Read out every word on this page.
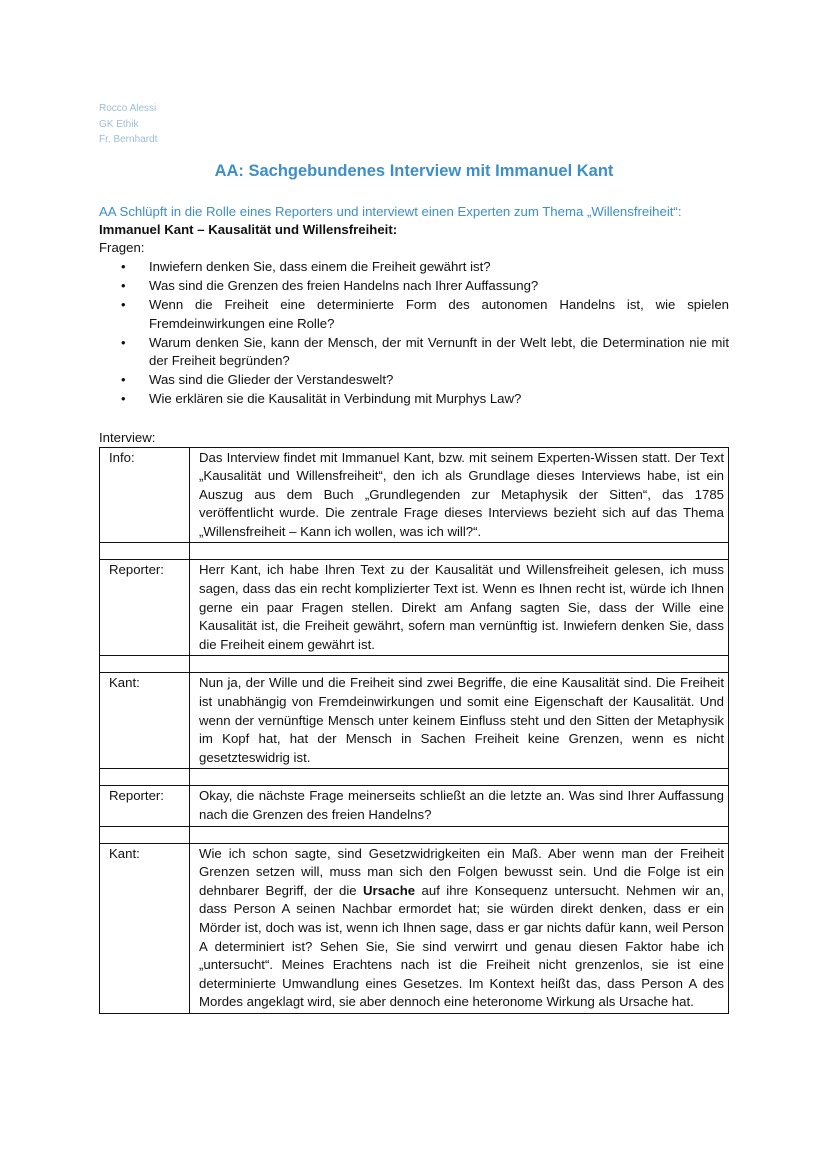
Rocco Alessi
GK Ethik
Fr. Bernhardt
AA: Sachgebundenes Interview mit Immanuel Kant
AA Schlüpft in die Rolle eines Reporters und interviewt einen Experten zum Thema „Willensfreiheit“:
Immanuel Kant – Kausalität und Willensfreiheit:
Fragen:
• Inwiefern denken Sie, dass einem die Freiheit gewährt ist?
• Was sind die Grenzen des freien Handelns nach Ihrer Auffassung?
• Wenn die Freiheit eine determinierte Form des autonomen Handelns ist, wie spielen Fremdeinwirkungen eine Rolle?
• Warum denken Sie, kann der Mensch, der mit Vernunft in der Welt lebt, die Determination nie mit der Freiheit begründen?
• Was sind die Glieder der Verstandeswelt?
• Wie erklären sie die Kausalität in Verbindung mit Murphys Law?
Interview:
Info:	Das Interview findet mit Immanuel Kant, bzw. mit seinem Experten-Wissen statt. Der Text „Kausalität und Willensfreiheit“, den ich als Grundlage dieses Interviews habe, ist ein Auszug aus dem Buch „Grundlegenden zur Metaphysik der Sitten“, das 1785 veröffentlicht wurde. Die zentrale Frage dieses Interviews bezieht sich auf das Thema „Willensfreiheit – Kann ich wollen, was ich will?“.

Reporter:	Herr Kant, ich habe Ihren Text zu der Kausalität und Willensfreiheit gelesen, ich muss sagen, dass das ein recht komplizierter Text ist. Wenn es Ihnen recht ist, würde ich Ihnen gerne ein paar Fragen stellen. Direkt am Anfang sagten Sie, dass der Wille eine Kausalität ist, die Freiheit gewährt, sofern man vernünftig ist. Inwiefern denken Sie, dass die Freiheit einem gewährt ist.

Kant:	Nun ja, der Wille und die Freiheit sind zwei Begriffe, die eine Kausalität sind. Die Freiheit ist unabhängig von Fremdeinwirkungen und somit eine Eigenschaft der Kausalität. Und wenn der vernünftige Mensch unter keinem Einfluss steht und den Sitten der Metaphysik im Kopf hat, hat der Mensch in Sachen Freiheit keine Grenzen, wenn es nicht gesetzteswidrig ist.

Reporter:	Okay, die nächste Frage meinerseits schließt an die letzte an. Was sind Ihrer Auffassung nach die Grenzen des freien Handelns?

Kant:	Wie ich schon sagte, sind Gesetzwidrigkeiten ein Maß. Aber wenn man der Freiheit Grenzen setzen will, muss man sich den Folgen bewusst sein. Und die Folge ist ein dehnbarer Begriff, der die Ursache auf ihre Konsequenz untersucht. Nehmen wir an, dass Person A seinen Nachbar ermordet hat; sie würden direkt denken, dass er ein Mörder ist, doch was ist, wenn ich Ihnen sage, dass er gar nichts dafür kann, weil Person A determiniert ist? Sehen Sie, Sie sind verwirrt und genau diesen Faktor habe ich „untersucht“. Meines Erachtens nach ist die Freiheit nicht grenzenlos, sie ist eine determinierte Umwandlung eines Gesetzes. Im Kontext heißt das, dass Person A des Mordes angeklagt wird, sie aber dennoch eine heteronome Wirkung als Ursache hat.
